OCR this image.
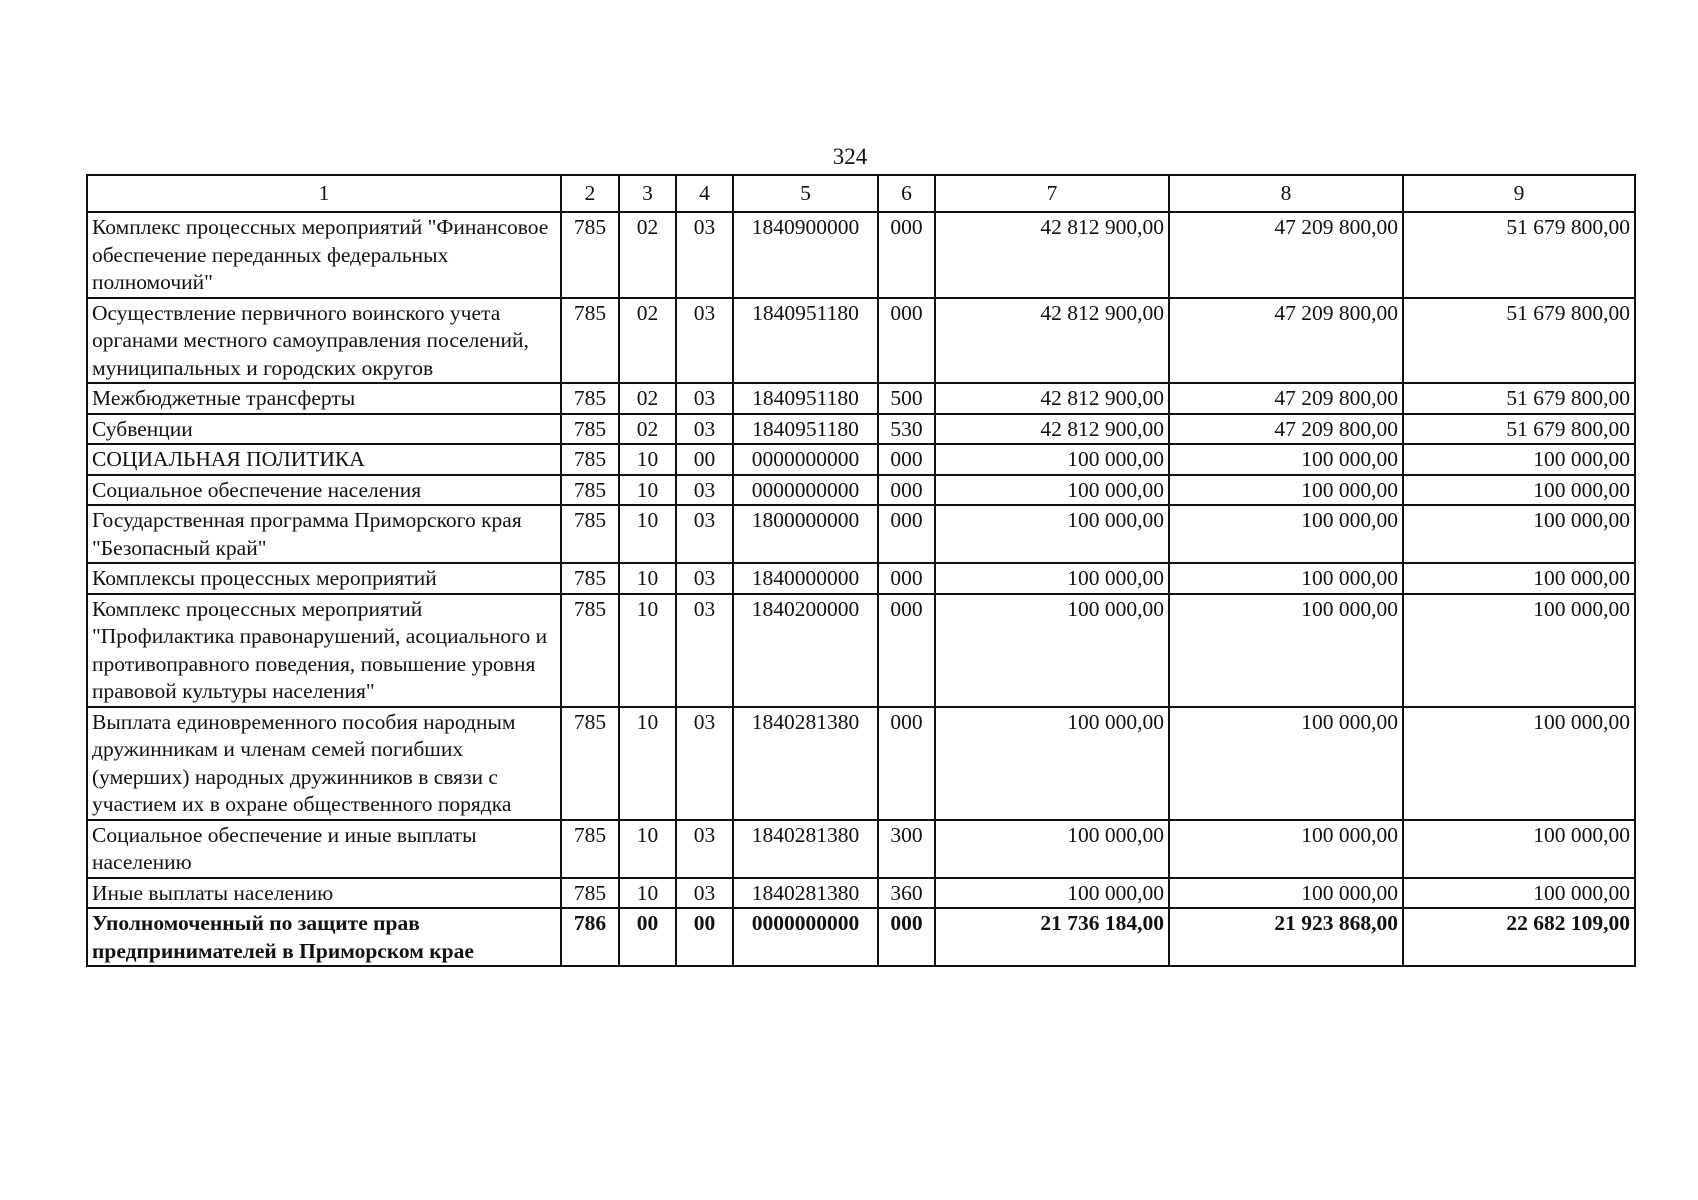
324
1	2	3	4	5	6	7	8	9
Комплекс процессных мероприятий "Финансовое обеспечение переданных федеральных полномочий"	785	02	03	1840900000	000	42 812 900,00	47 209 800,00	51 679 800,00
Осуществление первичного воинского учета органами местного самоуправления поселений, муниципальных и городских округов	785	02	03	1840951180	000	42 812 900,00	47 209 800,00	51 679 800,00
Межбюджетные трансферты	785	02	03	1840951180	500	42 812 900,00	47 209 800,00	51 679 800,00
Субвенции	785	02	03	1840951180	530	42 812 900,00	47 209 800,00	51 679 800,00
СОЦИАЛЬНАЯ ПОЛИТИКА	785	10	00	0000000000	000	100 000,00	100 000,00	100 000,00
Социальное обеспечение населения	785	10	03	0000000000	000	100 000,00	100 000,00	100 000,00
Государственная программа Приморского края "Безопасный край"	785	10	03	1800000000	000	100 000,00	100 000,00	100 000,00
Комплексы процессных мероприятий	785	10	03	1840000000	000	100 000,00	100 000,00	100 000,00
Комплекс процессных мероприятий "Профилактика правонарушений, асоциального и противоправного поведения, повышение уровня правовой культуры населения"	785	10	03	1840200000	000	100 000,00	100 000,00	100 000,00
Выплата единовременного пособия народным дружинникам и членам семей погибших (умерших) народных дружинников в связи с участием их в охране общественного порядка	785	10	03	1840281380	000	100 000,00	100 000,00	100 000,00
Социальное обеспечение и иные выплаты населению	785	10	03	1840281380	300	100 000,00	100 000,00	100 000,00
Иные выплаты населению	785	10	03	1840281380	360	100 000,00	100 000,00	100 000,00
Уполномоченный по защите прав предпринимателей в Приморском крае	786	00	00	0000000000	000	21 736 184,00	21 923 868,00	22 682 109,00
